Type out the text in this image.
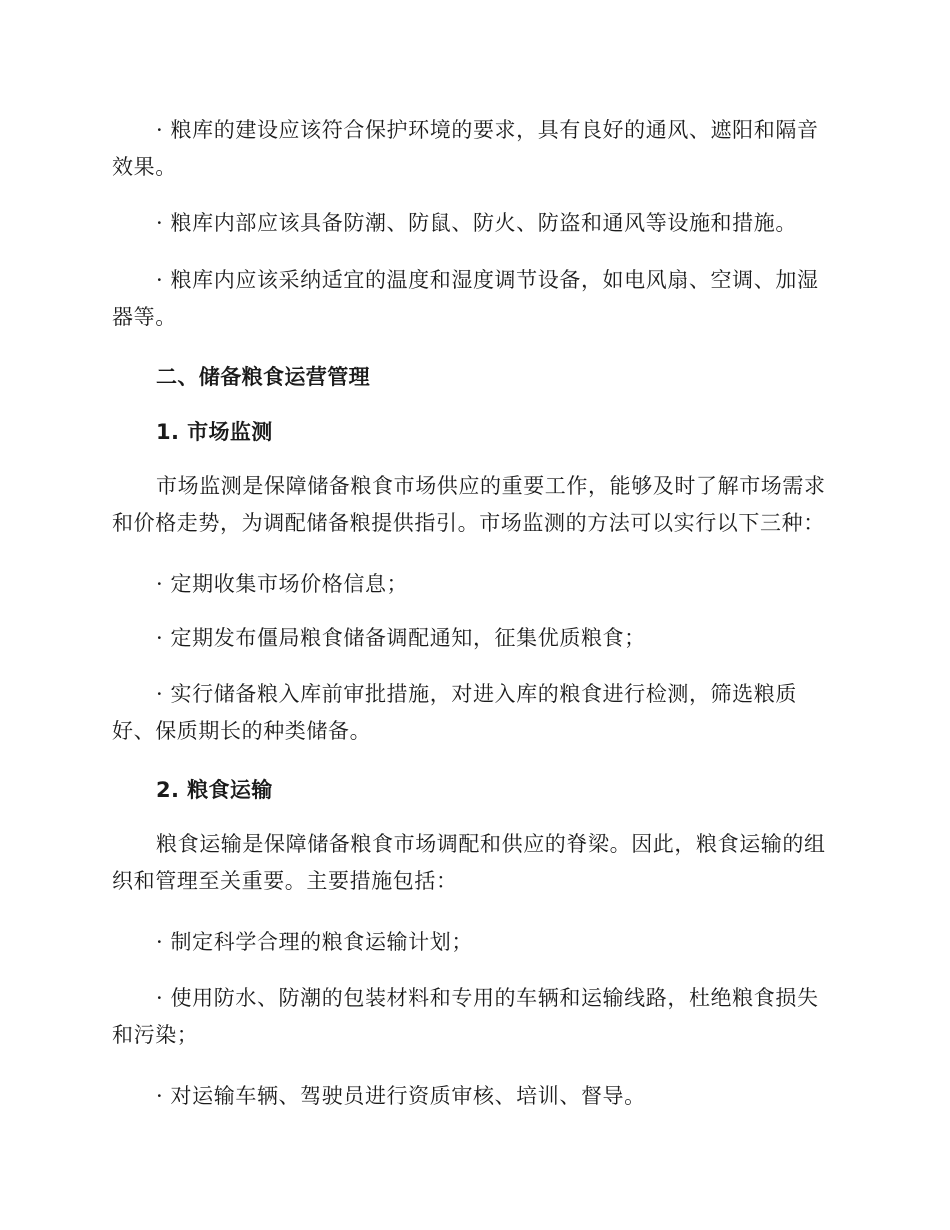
· 粮库的建设应该符合保护环境的要求，具有良好的通风、遮阳和隔音效果。

· 粮库内部应该具备防潮、防鼠、防火、防盗和通风等设施和措施。

· 粮库内应该采纳适宜的温度和湿度调节设备，如电风扇、空调、加湿器等。

二、储备粮食运营管理
1. 市场监测

市场监测是保障储备粮食市场供应的重要工作，能够及时了解市场需求和价格走势，为调配储备粮提供指引。市场监测的方法可以实行以下三种：

· 定期收集市场价格信息；

· 定期发布僵局粮食储备调配通知，征集优质粮食；

· 实行储备粮入库前审批措施，对进入库的粮食进行检测，筛选粮质好、保质期长的种类储备。

2. 粮食运输

粮食运输是保障储备粮食市场调配和供应的脊梁。因此，粮食运输的组织和管理至关重要。主要措施包括：

· 制定科学合理的粮食运输计划；

· 使用防水、防潮的包装材料和专用的车辆和运输线路，杜绝粮食损失和污染；

· 对运输车辆、驾驶员进行资质审核、培训、督导。
